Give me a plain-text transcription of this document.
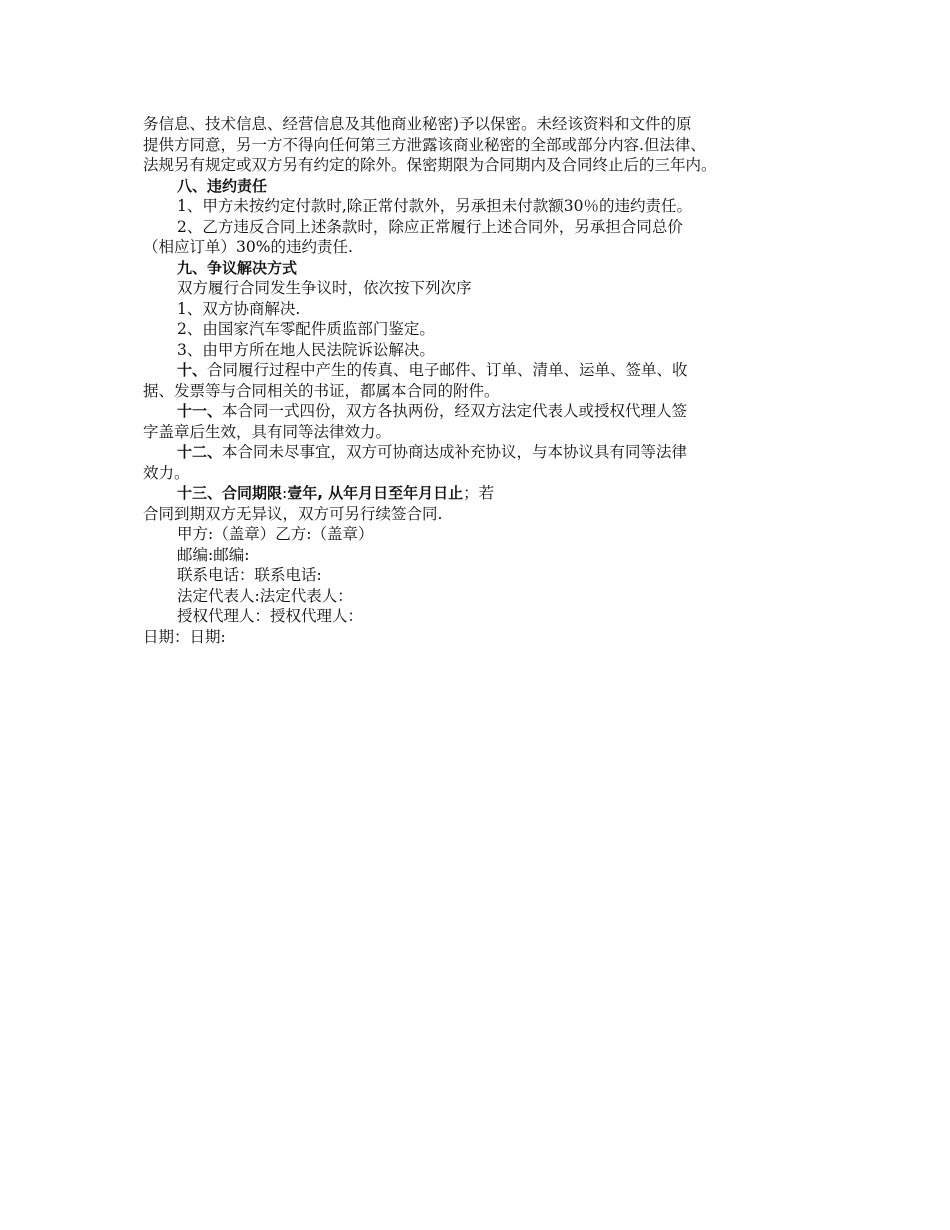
务信息、技术信息、经营信息及其他商业秘密)予以保密。未经该资料和文件的原
提供方同意，另一方不得向任何第三方泄露该商业秘密的全部或部分内容.但法律、
法规另有规定或双方另有约定的除外。保密期限为合同期内及合同终止后的三年内。
八、违约责任
1、甲方未按约定付款时,除正常付款外，另承担未付款额30％的违约责任。
2、乙方违反合同上述条款时，除应正常履行上述合同外，另承担合同总价
（相应订单）30%的违约责任.
九、争议解决方式
双方履行合同发生争议时，依次按下列次序
1、双方协商解决.
2、由国家汽车零配件质监部门鉴定。
3、由甲方所在地人民法院诉讼解决。
十、合同履行过程中产生的传真、电子邮件、订单、清单、运单、签单、收
据、发票等与合同相关的书证，都属本合同的附件。
十一、本合同一式四份，双方各执两份，经双方法定代表人或授权代理人签
字盖章后生效，具有同等法律效力。
十二、本合同未尽事宜，双方可协商达成补充协议，与本协议具有同等法律
效力。
十三、合同期限:壹年, 从年月日至年月日止；若
合同到期双方无异议，双方可另行续签合同.
甲方:（盖章）乙方:（盖章）
邮编:邮编:
联系电话：联系电话:
法定代表人:法定代表人：
授权代理人：授权代理人：
日期：日期:
